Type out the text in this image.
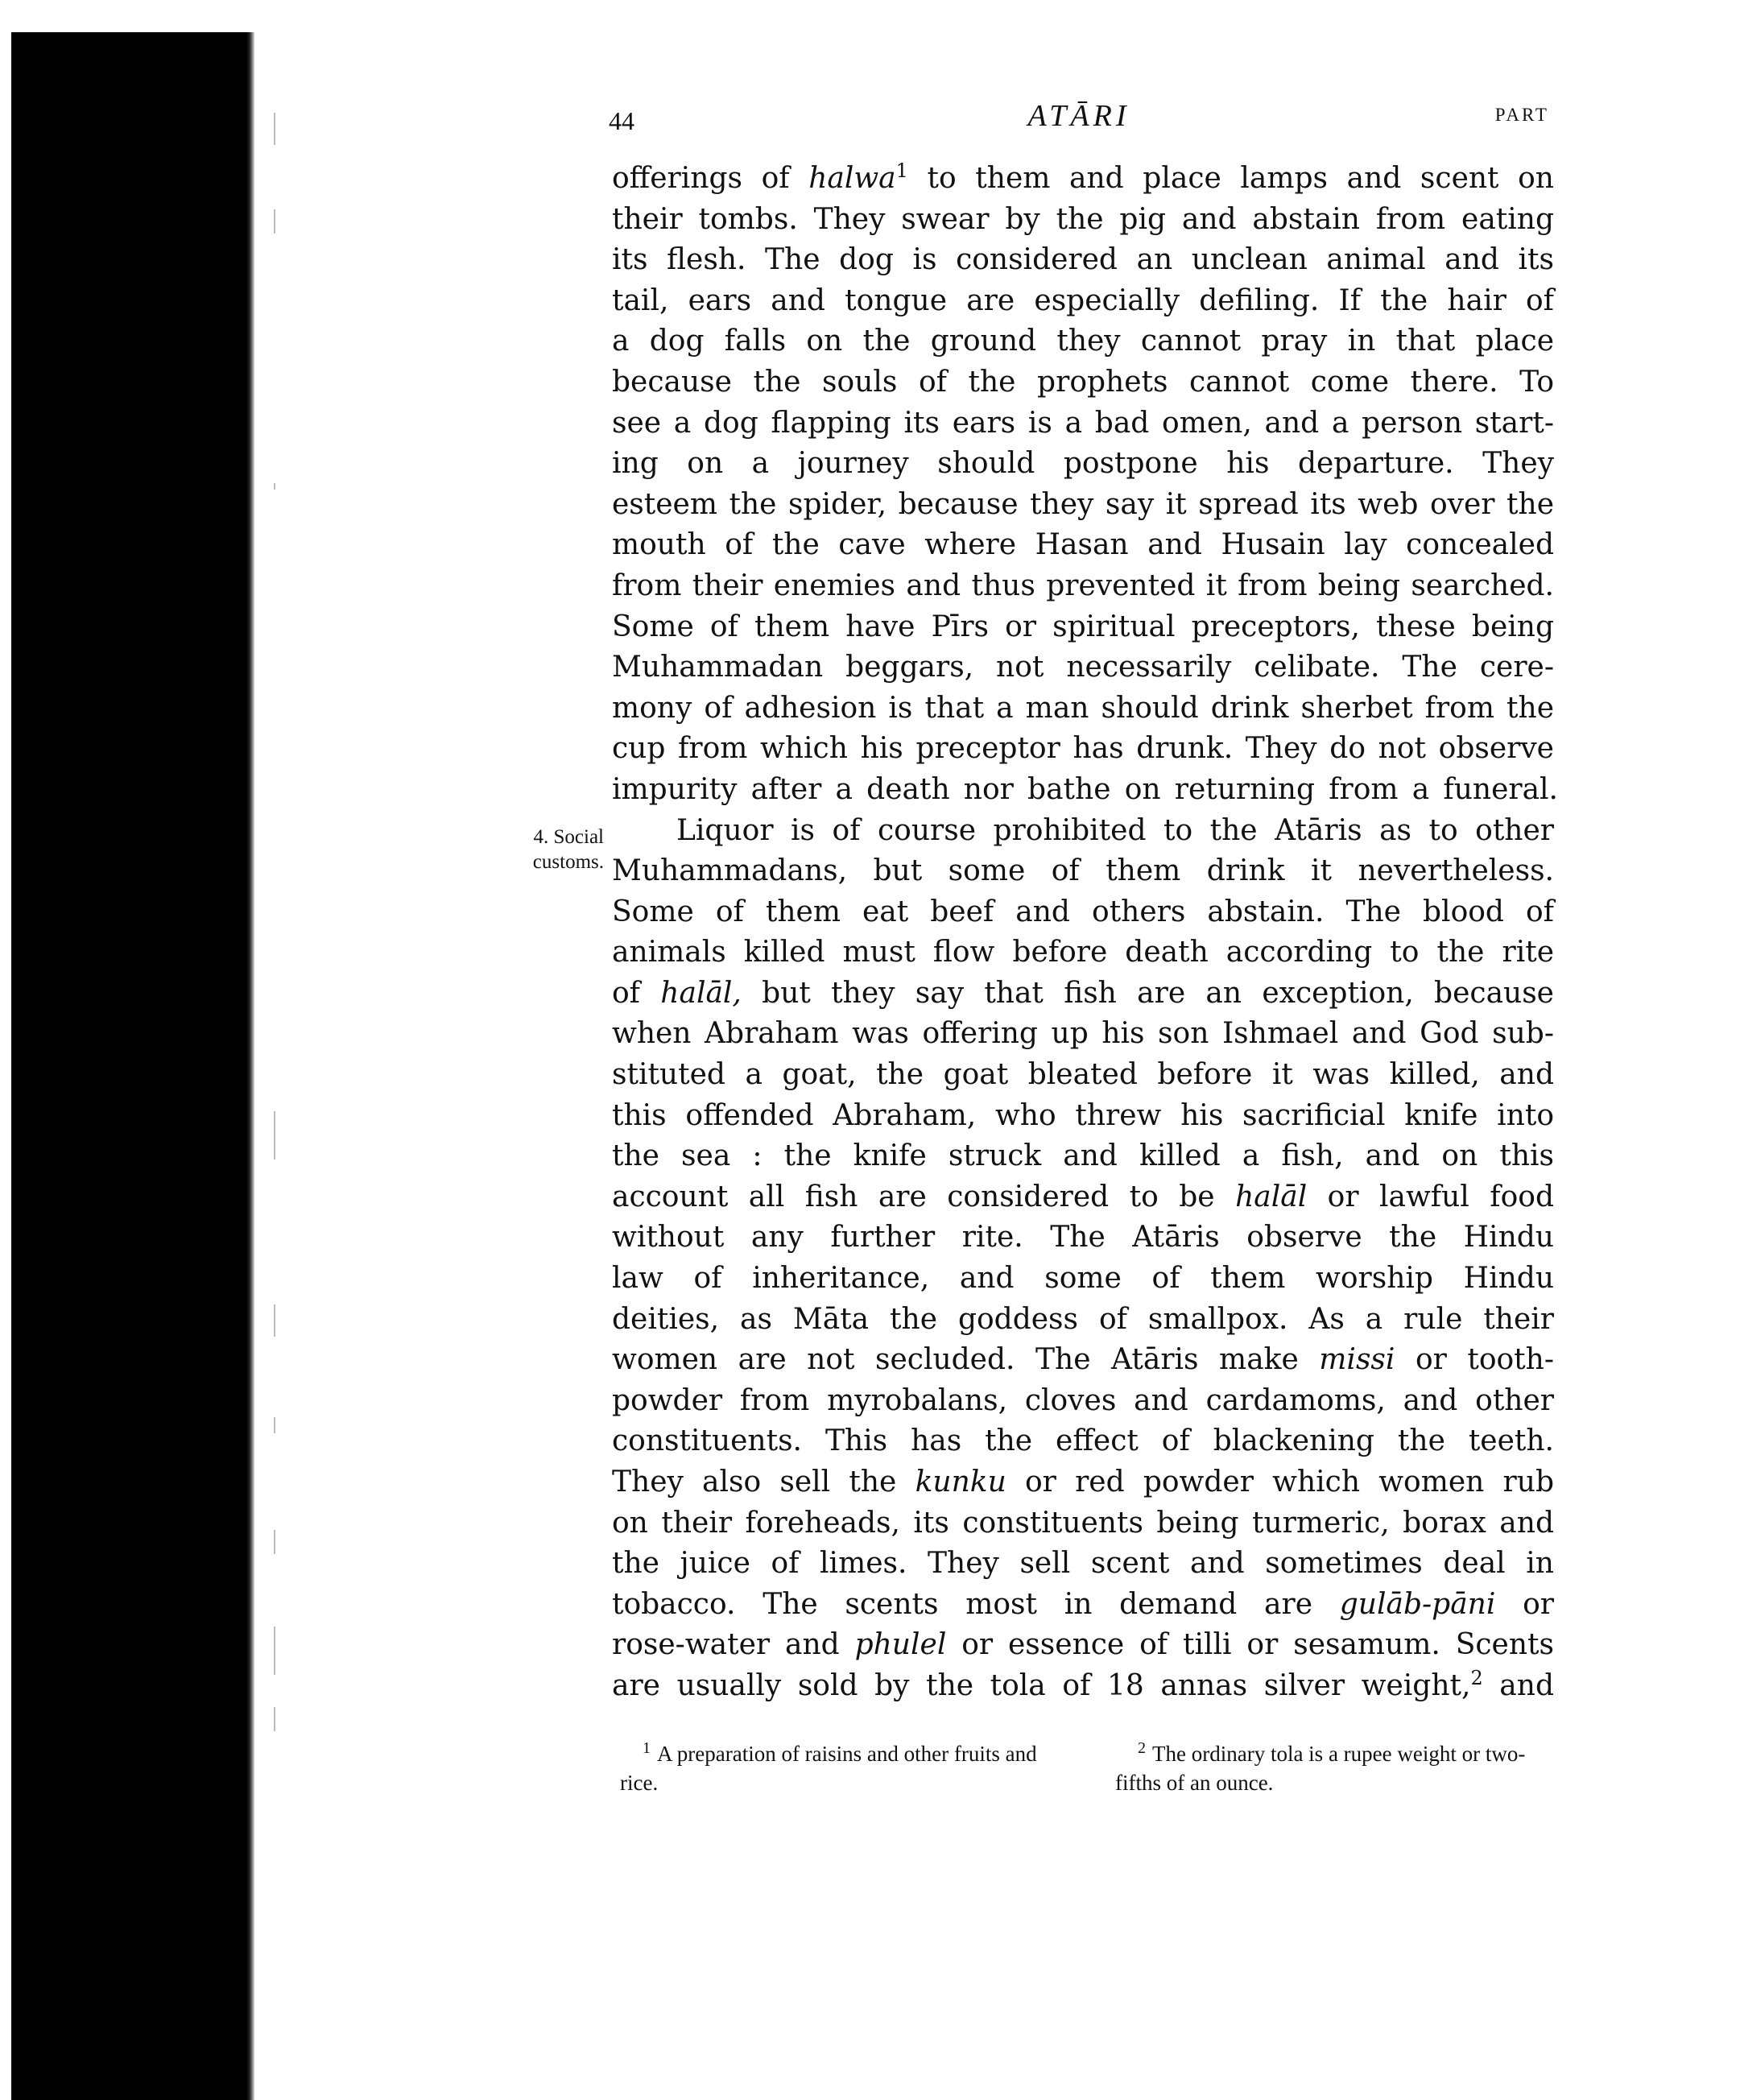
44	ATĀRI	PART
4. Social
customs.
offerings of halwa$^1$ to them and place lamps and scent on
their tombs. They swear by the pig and abstain from eating
its flesh. The dog is considered an unclean animal and its
tail, ears and tongue are especially defiling. If the hair of
a dog falls on the ground they cannot pray in that place
because the souls of the prophets cannot come there. To
see a dog flapping its ears is a bad omen, and a person start-
ing on a journey should postpone his departure. They
esteem the spider, because they say it spread its web over the
mouth of the cave where Hasan and Husain lay concealed
from their enemies and thus prevented it from being searched.
Some of them have Pīrs or spiritual preceptors, these being
Muhammadan beggars, not necessarily celibate. The cere-
mony of adhesion is that a man should drink sherbet from the
cup from which his preceptor has drunk. They do not observe
impurity after a death nor bathe on returning from a funeral.
Liquor is of course prohibited to the Atāris as to other
Muhammadans, but some of them drink it nevertheless.
Some of them eat beef and others abstain. The blood of
animals killed must flow before death according to the rite
of halāl, but they say that fish are an exception, because
when Abraham was offering up his son Ishmael and God sub-
stituted a goat, the goat bleated before it was killed, and
this offended Abraham, who threw his sacrificial knife into
the sea : the knife struck and killed a fish, and on this
account all fish are considered to be halāl or lawful food
without any further rite. The Atāris observe the Hindu
law of inheritance, and some of them worship Hindu
deities, as Māta the goddess of smallpox. As a rule their
women are not secluded. The Atāris make missi or tooth-
powder from myrobalans, cloves and cardamoms, and other
constituents. This has the effect of blackening the teeth.
They also sell the kunku or red powder which women rub
on their foreheads, its constituents being turmeric, borax and
the juice of limes. They sell scent and sometimes deal in
tobacco. The scents most in demand are gulāb-pāni or
rose-water and phulel or essence of tilli or sesamum. Scents
are usually sold by the tola of 18 annas silver weight,$^2$ and
$^1$ A preparation of raisins and other fruits and rice.
$^2$ The ordinary tola is a rupee weight or two-fifths of an ounce.
